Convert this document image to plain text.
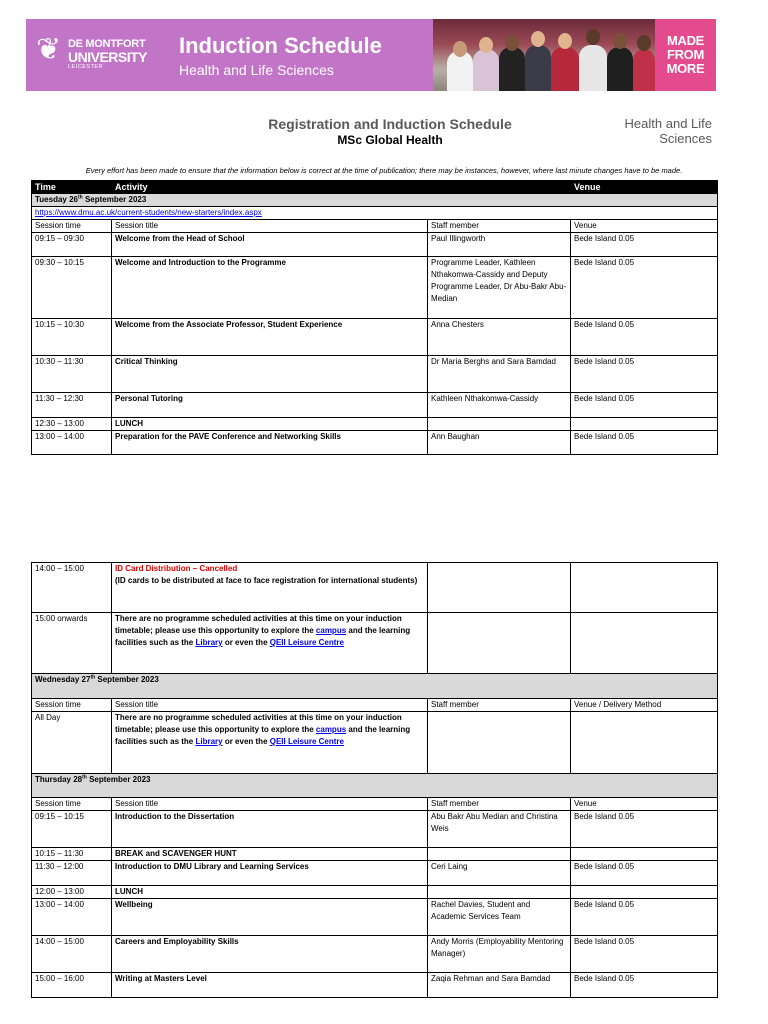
❦ DE MONTFORT
UNIVERSITY
LEICESTER
Induction Schedule
Health and Life Sciences
MADE
FROM
MORE
Registration and Induction Schedule
MSc Global Health
Health and Life
Sciences
Every effort has been made to ensure that the information below is correct at the time of publication; there may be instances, however, where last minute changes have to be made.
Time	Activity		Venue
Tuesday 26th September 2023			
https://www.dmu.ac.uk/current-students/new-starters/index.aspx			
Session time	Session title	Staff member	Venue
09:15 – 09:30	Welcome from the Head of School	Paul Illingworth	Bede Island 0.05
09:30 – 10:15	Welcome and Introduction to the Programme	Programme Leader, Kathleen Nthakomwa-Cassidy and Deputy Programme Leader, Dr Abu-Bakr Abu-Median	Bede Island 0.05
10:15 – 10:30	Welcome from the Associate Professor, Student Experience	Anna Chesters	Bede Island 0.05
10:30 – 11:30	Critical Thinking	Dr Maria Berghs and Sara Bamdad	Bede Island 0.05
11:30 – 12:30	Personal Tutoring	Kathleen Nthakomwa-Cassidy	Bede Island 0.05
12:30 – 13:00	LUNCH		
13:00 – 14:00	Preparation for the PAVE Conference and Networking Skills	Ann Baughan	Bede Island 0.05
14:00 – 15:00	ID Card Distribution – Cancelled
(ID cards to be distributed at face to face registration for international students)		

15:00 onwards	There are no programme scheduled activities at this time on your induction timetable; please use this opportunity to explore the campus and the learning facilities such as the Library or even the QEII Leisure Centre		
Wednesday 27th September 2023			
Session time	Session title	Staff member	Venue / Delivery Method
All Day	There are no programme scheduled activities at this time on your induction timetable; please use this opportunity to explore the campus and the learning facilities such as the Library or even the QEII Leisure Centre		
Thursday 28th September 2023			
Session time	Session title	Staff member	Venue
09:15 – 10:15	Introduction to the Dissertation	Abu Bakr Abu Median and Christina Weis	Bede Island 0.05
10:15 – 11:30	BREAK and SCAVENGER HUNT		
11:30 – 12:00	Introduction to DMU Library and Learning Services	Ceri Laing	Bede Island 0.05
12:00 – 13:00	LUNCH		
13:00 – 14:00	Wellbeing	Rachel Davies, Student and Academic Services Team	Bede Island 0.05
14:00 – 15:00	Careers and Employability Skills	Andy Morris (Employability Mentoring Manager)	Bede Island 0.05
15:00 – 16:00	Writing at Masters Level	Zaqia Rehman and Sara Bamdad	Bede Island 0.05
